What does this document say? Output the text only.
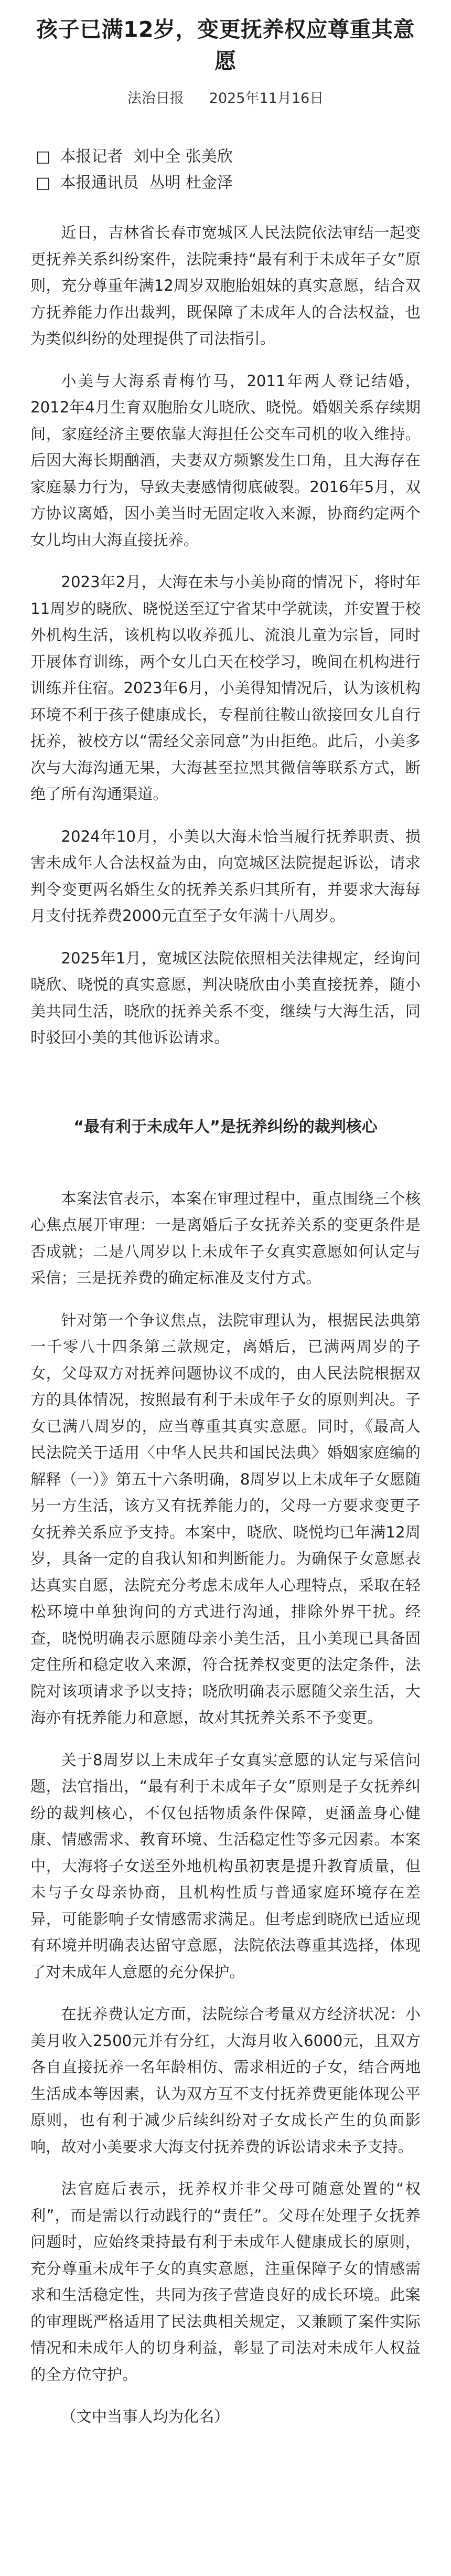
孩子已满12岁，变更抚养权应尊重其意愿
法治日报 2025年11月16日
□ 本报记者 刘中全 张美欣
□ 本报通讯员 丛明 杜金泽

近日，吉林省长春市宽城区人民法院依法审结一起变更抚养关系纠纷案件，法院秉持“最有利于未成年子女”原则，充分尊重年满12周岁双胞胎姐妹的真实意愿，结合双方抚养能力作出裁判，既保障了未成年人的合法权益，也为类似纠纷的处理提供了司法指引。

小美与大海系青梅竹马，2011年两人登记结婚，2012年4月生育双胞胎女儿晓欣、晓悦。婚姻关系存续期间，家庭经济主要依靠大海担任公交车司机的收入维持。后因大海长期酗酒，夫妻双方频繁发生口角，且大海存在家庭暴力行为，导致夫妻感情彻底破裂。2016年5月，双方协议离婚，因小美当时无固定收入来源，协商约定两个女儿均由大海直接抚养。

2023年2月，大海在未与小美协商的情况下，将时年11周岁的晓欣、晓悦送至辽宁省某中学就读，并安置于校外机构生活，该机构以收养孤儿、流浪儿童为宗旨，同时开展体育训练，两个女儿白天在校学习，晚间在机构进行训练并住宿。2023年6月，小美得知情况后，认为该机构环境不利于孩子健康成长，专程前往鞍山欲接回女儿自行抚养，被校方以“需经父亲同意”为由拒绝。此后，小美多次与大海沟通无果，大海甚至拉黑其微信等联系方式，断绝了所有沟通渠道。

2024年10月，小美以大海未恰当履行抚养职责、损害未成年人合法权益为由，向宽城区法院提起诉讼，请求判令变更两名婚生女的抚养关系归其所有，并要求大海每月支付抚养费2000元直至子女年满十八周岁。

2025年1月，宽城区法院依照相关法律规定，经询问晓欣、晓悦的真实意愿，判决晓欣由小美直接抚养，随小美共同生活，晓欣的抚养关系不变，继续与大海生活，同时驳回小美的其他诉讼请求。

“最有利于未成年人”是抚养纠纷的裁判核心

本案法官表示，本案在审理过程中，重点围绕三个核心焦点展开审理：一是离婚后子女抚养关系的变更条件是否成就；二是八周岁以上未成年子女真实意愿如何认定与采信；三是抚养费的确定标准及支付方式。

针对第一个争议焦点，法院审理认为，根据民法典第一千零八十四条第三款规定，离婚后，已满两周岁的子女，父母双方对抚养问题协议不成的，由人民法院根据双方的具体情况，按照最有利于未成年子女的原则判决。子女已满八周岁的，应当尊重其真实意愿。同时，《最高人民法院关于适用〈中华人民共和国民法典〉婚姻家庭编的解释（一）》第五十六条明确，8周岁以上未成年子女愿随另一方生活，该方又有抚养能力的，父母一方要求变更子女抚养关系应予支持。本案中，晓欣、晓悦均已年满12周岁，具备一定的自我认知和判断能力。为确保子女意愿表达真实自愿，法院充分考虑未成年人心理特点，采取在轻松环境中单独询问的方式进行沟通，排除外界干扰。经查，晓悦明确表示愿随母亲小美生活，且小美现已具备固定住所和稳定收入来源，符合抚养权变更的法定条件，法院对该项请求予以支持；晓欣明确表示愿随父亲生活，大海亦有抚养能力和意愿，故对其抚养关系不予变更。

关于8周岁以上未成年子女真实意愿的认定与采信问题，法官指出，“最有利于未成年子女”原则是子女抚养纠纷的裁判核心，不仅包括物质条件保障，更涵盖身心健康、情感需求、教育环境、生活稳定性等多元因素。本案中，大海将子女送至外地机构虽初衷是提升教育质量，但未与子女母亲协商，且机构性质与普通家庭环境存在差异，可能影响子女情感需求满足。但考虑到晓欣已适应现有环境并明确表达留守意愿，法院依法尊重其选择，体现了对未成年人意愿的充分保护。

在抚养费认定方面，法院综合考量双方经济状况：小美月收入2500元并有分红，大海月收入6000元，且双方各自直接抚养一名年龄相仿、需求相近的子女，结合两地生活成本等因素，认为双方互不支付抚养费更能体现公平原则，也有利于减少后续纠纷对子女成长产生的负面影响，故对小美要求大海支付抚养费的诉讼请求未予支持。

法官庭后表示，抚养权并非父母可随意处置的“权利”，而是需以行动践行的“责任”。父母在处理子女抚养问题时，应始终秉持最有利于未成年人健康成长的原则，充分尊重未成年子女的真实意愿，注重保障子女的情感需求和生活稳定性，共同为孩子营造良好的成长环境。此案的审理既严格适用了民法典相关规定，又兼顾了案件实际情况和未成年人的切身利益，彰显了司法对未成年人权益的全方位守护。

（文中当事人均为化名）
